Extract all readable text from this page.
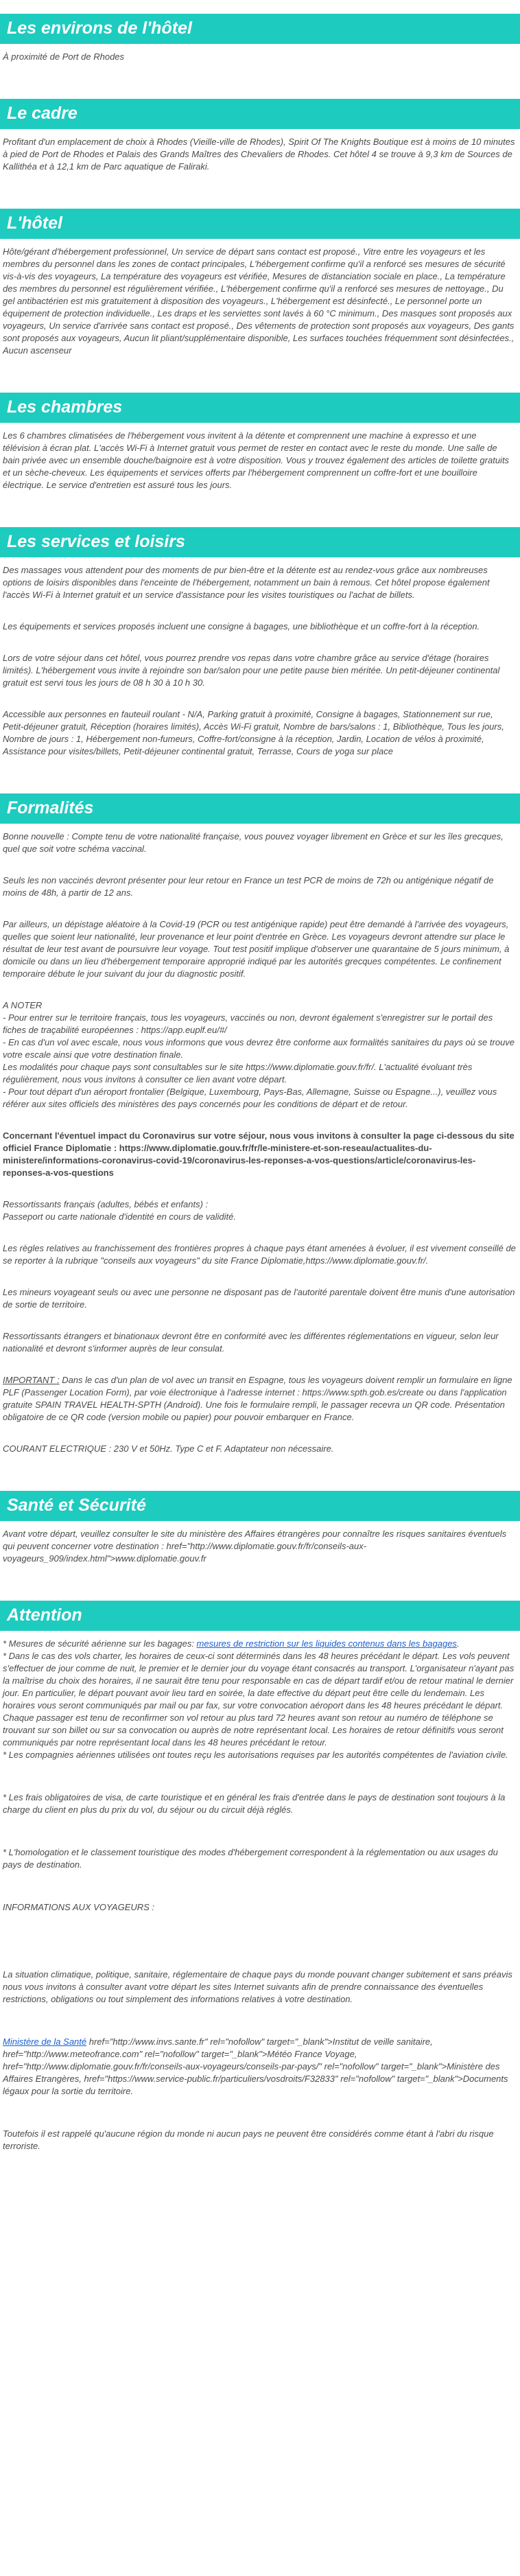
Les environs de l'hôtel

À proximité de Port de Rhodes

Le cadre

Profitant d'un emplacement de choix à Rhodes (Vieille-ville de Rhodes), Spirit Of The Knights Boutique est à moins de 10 minutes à pied de Port de Rhodes et Palais des Grands Maîtres des Chevaliers de Rhodes. Cet hôtel 4 se trouve à 9,3 km de Sources de Kallithéa et à 12,1 km de Parc aquatique de Faliraki.

L'hôtel

Hôte/gérant d'hébergement professionnel, Un service de départ sans contact est proposé., Vitre entre les voyageurs et les membres du personnel dans les zones de contact principales, L'hébergement confirme qu'il a renforcé ses mesures de sécurité vis-à-vis des voyageurs, La température des voyageurs est vérifiée, Mesures de distanciation sociale en place., La température des membres du personnel est régulièrement vérifiée., L'hébergement confirme qu'il a renforcé ses mesures de nettoyage., Du gel antibactérien est mis gratuitement à disposition des voyageurs., L'hébergement est désinfecté., Le personnel porte un équipement de protection individuelle., Les draps et les serviettes sont lavés à 60 °C minimum., Des masques sont proposés aux voyageurs, Un service d'arrivée sans contact est proposé., Des vêtements de protection sont proposés aux voyageurs, Des gants sont proposés aux voyageurs, Aucun lit pliant/supplémentaire disponible, Les surfaces touchées fréquemment sont désinfectées., Aucun ascenseur

Les chambres

Les 6 chambres climatisées de l'hébergement vous invitent à la détente et comprennent une machine à expresso et une télévision à écran plat. L'accès Wi-Fi à Internet gratuit vous permet de rester en contact avec le reste du monde. Une salle de bain privée avec un ensemble douche/baignoire est à votre disposition. Vous y trouvez également des articles de toilette gratuits et un sèche-cheveux. Les équipements et services offerts par l'hébergement comprennent un coffre-fort et une bouilloire électrique. Le service d'entretien est assuré tous les jours.

Les services et loisirs

Des massages vous attendent pour des moments de pur bien-être et la détente est au rendez-vous grâce aux nombreuses options de loisirs disponibles dans l'enceinte de l'hébergement, notamment un bain à remous. Cet hôtel propose également l'accès Wi-Fi à Internet gratuit et un service d'assistance pour les visites touristiques ou l'achat de billets.

Les équipements et services proposés incluent une consigne à bagages, une bibliothèque et un coffre-fort à la réception.

Lors de votre séjour dans cet hôtel, vous pourrez prendre vos repas dans votre chambre grâce au service d'étage (horaires limités). L'hébergement vous invite à rejoindre son bar/salon pour une petite pause bien méritée. Un petit-déjeuner continental gratuit est servi tous les jours de 08 h 30 à 10 h 30.

Accessible aux personnes en fauteuil roulant - N/A, Parking gratuit à proximité, Consigne à bagages, Stationnement sur rue, Petit-déjeuner gratuit, Réception (horaires limités), Accès Wi-Fi gratuit, Nombre de bars/salons : 1, Bibliothèque, Tous les jours, Nombre de jours : 1, Hébergement non-fumeurs, Coffre-fort/consigne à la réception, Jardin, Location de vélos à proximité, Assistance pour visites/billets, Petit-déjeuner continental gratuit, Terrasse, Cours de yoga sur place

Formalités

Bonne nouvelle : Compte tenu de votre nationalité française, vous pouvez voyager librement en Grèce et sur les îles grecques, quel que soit votre schéma vaccinal.

Seuls les non vaccinés devront présenter pour leur retour en France un test PCR de moins de 72h ou antigénique négatif de moins de 48h, à partir de 12 ans.

Par ailleurs, un dépistage aléatoire à la Covid-19 (PCR ou test antigénique rapide) peut être demandé à l'arrivée des voyageurs, quelles que soient leur nationalité, leur provenance et leur point d'entrée en Grèce. Les voyageurs devront attendre sur place le résultat de leur test avant de poursuivre leur voyage. Tout test positif implique d'observer une quarantaine de 5 jours minimum, à domicile ou dans un lieu d'hébergement temporaire approprié indiqué par les autorités grecques compétentes. Le confinement temporaire débute le jour suivant du jour du diagnostic positif.

A NOTER
- Pour entrer sur le territoire français, tous les voyageurs, vaccinés ou non, devront également s'enregistrer sur le portail des fiches de traçabilité européennes : https://app.euplf.eu/#/
- En cas d'un vol avec escale, nous vous informons que vous devrez être conforme aux formalités sanitaires du pays où se trouve votre escale ainsi que votre destination finale.
Les modalités pour chaque pays sont consultables sur le site https://www.diplomatie.gouv.fr/fr/. L'actualité évoluant très régulièrement, nous vous invitons à consulter ce lien avant votre départ.
- Pour tout départ d'un aéroport frontalier (Belgique, Luxembourg, Pays-Bas, Allemagne, Suisse ou Espagne...), veuillez vous référer aux sites officiels des ministères des pays concernés pour les conditions de départ et de retour.

Concernant l'éventuel impact du Coronavirus sur votre séjour, nous vous invitons à consulter la page ci-dessous du site officiel France Diplomatie : https://www.diplomatie.gouv.fr/fr/le-ministere-et-son-reseau/actualites-du-ministere/informations-coronavirus-covid-19/coronavirus-les-reponses-a-vos-questions/article/coronavirus-les-reponses-a-vos-questions

Ressortissants français (adultes, bébés et enfants) :
Passeport ou carte nationale d'identité en cours de validité.

Les règles relatives au franchissement des frontières propres à chaque pays étant amenées à évoluer, il est vivement conseillé de se reporter à la rubrique "conseils aux voyageurs" du site France Diplomatie,https://www.diplomatie.gouv.fr/.

Les mineurs voyageant seuls ou avec une personne ne disposant pas de l'autorité parentale doivent être munis d'une autorisation de sortie de territoire.

Ressortissants étrangers et binationaux devront être en conformité avec les différentes réglementations en vigueur, selon leur nationalité et devront s'informer auprès de leur consulat.

IMPORTANT : Dans le cas d'un plan de vol avec un transit en Espagne, tous les voyageurs doivent remplir un formulaire en ligne PLF (Passenger Location Form), par voie électronique à l'adresse internet : https://www.spth.gob.es/create ou dans l'application gratuite SPAIN TRAVEL HEALTH-SPTH (Android). Une fois le formulaire rempli, le passager recevra un QR code. Présentation obligatoire de ce QR code (version mobile ou papier) pour pouvoir embarquer en France.

COURANT ELECTRIQUE : 230 V et 50Hz. Type C et F. Adaptateur non nécessaire.

Santé et Sécurité

Avant votre départ, veuillez consulter le site du ministère des Affaires étrangères pour connaître les risques sanitaires éventuels qui peuvent concerner votre destination : href="http://www.diplomatie.gouv.fr/fr/conseils-aux-voyageurs_909/index.html">www.diplomatie.gouv.fr

Attention

* Mesures de sécurité aérienne sur les bagages: mesures de restriction sur les liquides contenus dans les bagages.

* Dans le cas des vols charter, les horaires de ceux-ci sont déterminés dans les 48 heures précédant le départ. Les vols peuvent s'effectuer de jour comme de nuit, le premier et le dernier jour du voyage étant consacrés au transport. L'organisateur n'ayant pas la maîtrise du choix des horaires, il ne saurait être tenu pour responsable en cas de départ tardif et/ou de retour matinal le dernier jour. En particulier, le départ pouvant avoir lieu tard en soirée, la date effective du départ peut être celle du lendemain. Les horaires vous seront communiqués par mail ou par fax, sur votre convocation aéroport dans les 48 heures précédant le départ. Chaque passager est tenu de reconfirmer son vol retour au plus tard 72 heures avant son retour au numéro de téléphone se trouvant sur son billet ou sur sa convocation ou auprès de notre représentant local. Les horaires de retour définitifs vous seront communiqués par notre représentant local dans les 48 heures précédant le retour.

* Les compagnies aériennes utilisées ont toutes reçu les autorisations requises par les autorités compétentes de l'aviation civile.

* Les frais obligatoires de visa, de carte touristique et en général les frais d'entrée dans le pays de destination sont toujours à la charge du client en plus du prix du vol, du séjour ou du circuit déjà réglés.

* L'homologation et le classement touristique des modes d'hébergement correspondent à la réglementation ou aux usages du pays de destination.

INFORMATIONS AUX VOYAGEURS :

La situation climatique, politique, sanitaire, réglementaire de chaque pays du monde pouvant changer subitement et sans préavis nous vous invitons à consulter avant votre départ les sites Internet suivants afin de prendre connaissance des éventuelles restrictions, obligations ou tout simplement des informations relatives à votre destination.

Ministère de la Santé href="http://www.invs.sante.fr" rel="nofollow" target="_blank">Institut de veille sanitaire, href="http://www.meteofrance.com" rel="nofollow" target="_blank">Météo France Voyage, href="http://www.diplomatie.gouv.fr/fr/conseils-aux-voyageurs/conseils-par-pays/" rel="nofollow" target="_blank">Ministère des Affaires Etrangères, href="https://www.service-public.fr/particuliers/vosdroits/F32833" rel="nofollow" target="_blank">Documents légaux pour la sortie du territoire.

Toutefois il est rappelé qu'aucune région du monde ni aucun pays ne peuvent être considérés comme étant à l'abri du risque terroriste.
